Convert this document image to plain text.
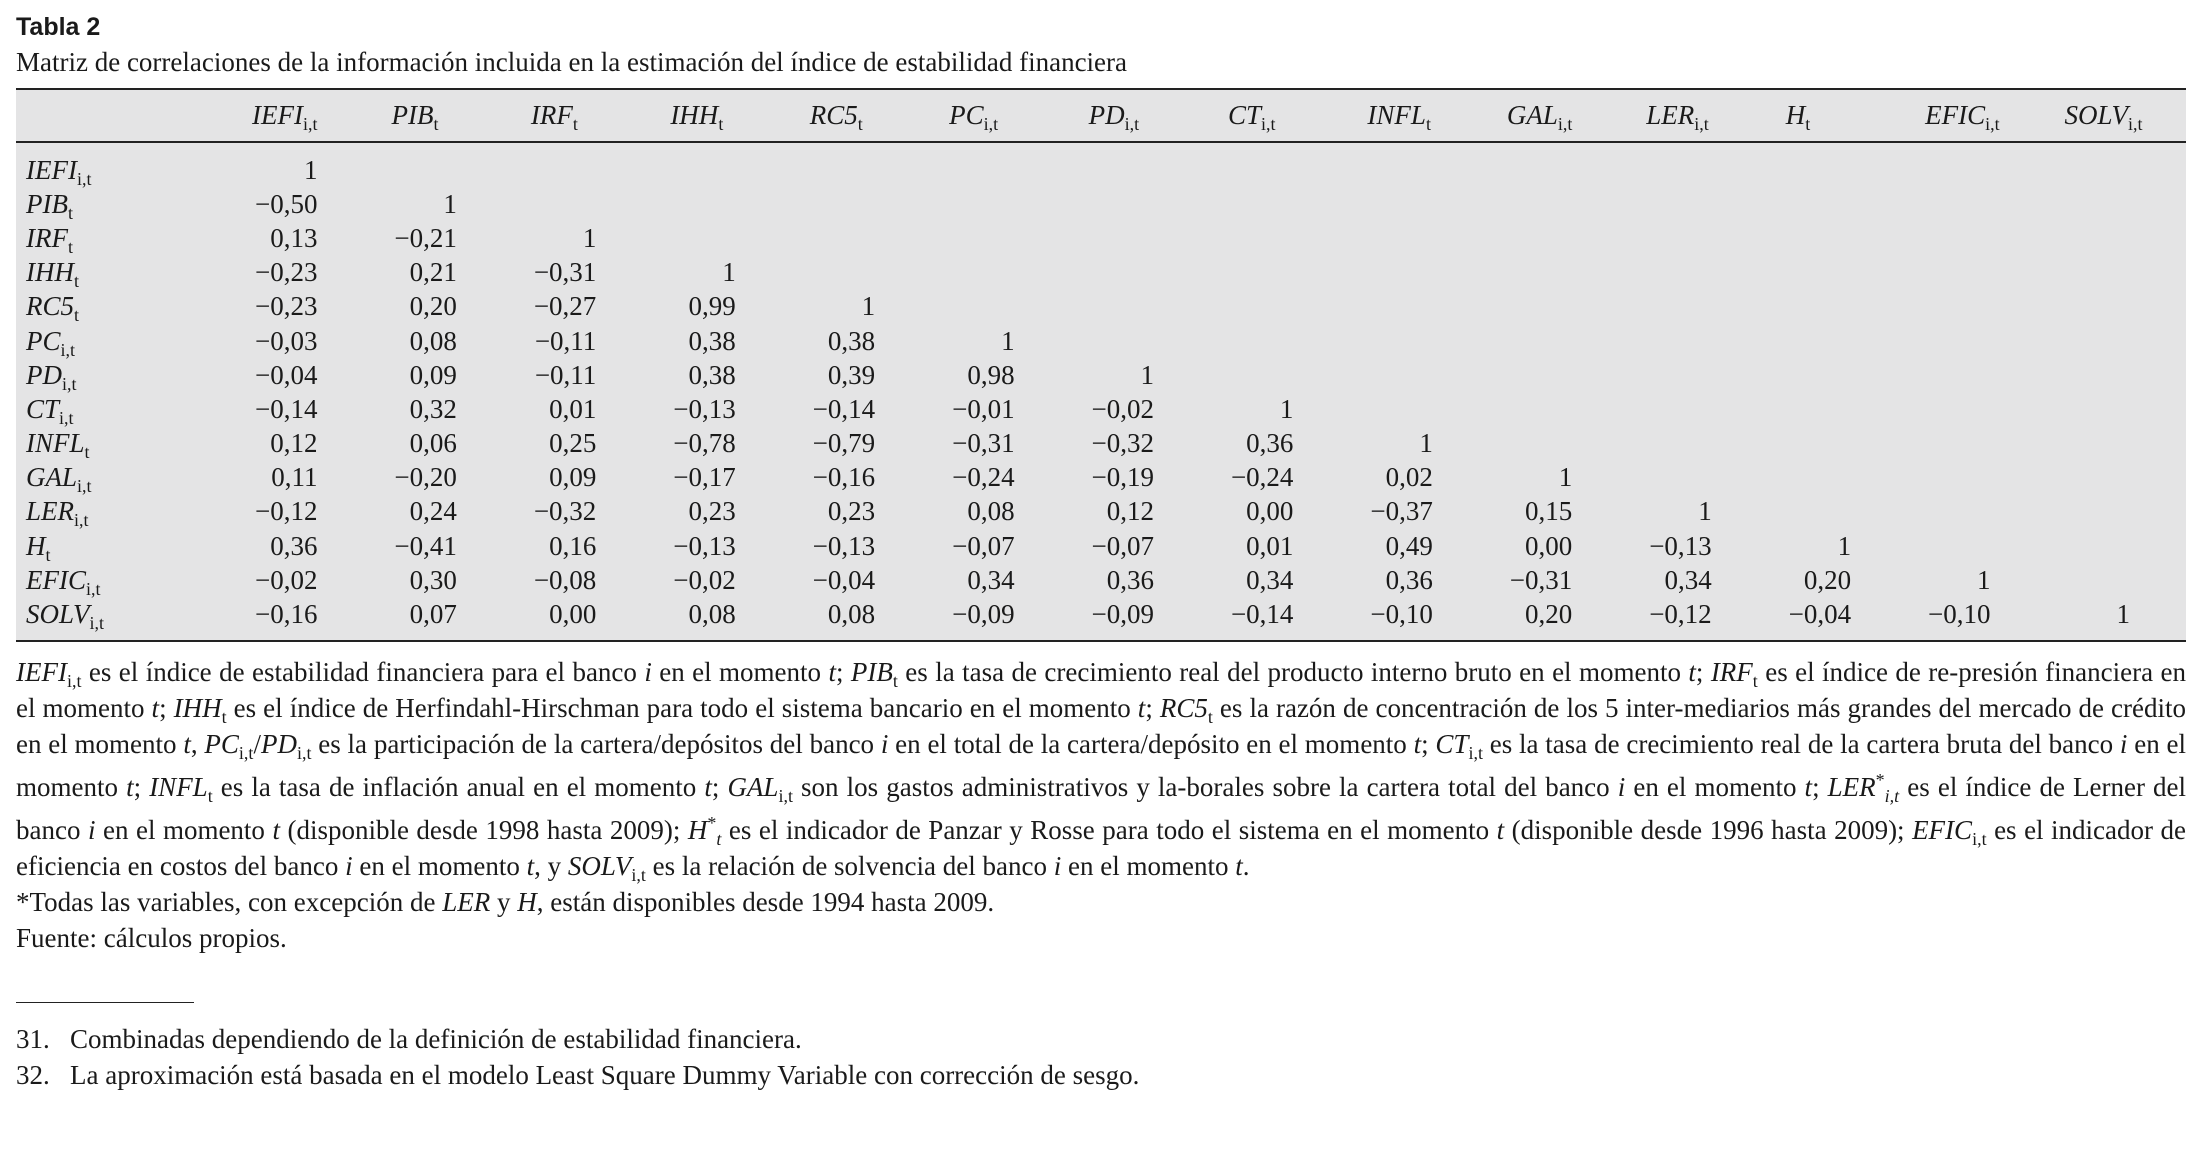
Tabla 2
Matriz de correlaciones de la información incluida en la estimación del índice de estabilidad financiera
	$IEFI_{i,t}$	$PIB_t$	$IRF_t$	$IHH_t$	$RC5_t$	$PC_{i,t}$	$PD_{i,t}$	$CT_{i,t}$	$INFL_t$	$GAL_{i,t}$	$LER_{i,t}$	$H_t$	$EFIC_{i,t}$	$SOLV_{i,t}$
$IEFI_{i,t}$	1													
$PIB_t$	−0,50	1												
$IRF_t$	0,13	−0,21	1											
$IHH_t$	−0,23	0,21	−0,31	1										
$RC5_t$	−0,23	0,20	−0,27	0,99	1									
$PC_{i,t}$	−0,03	0,08	−0,11	0,38	0,38	1								
$PD_{i,t}$	−0,04	0,09	−0,11	0,38	0,39	0,98	1							
$CT_{i,t}$	−0,14	0,32	0,01	−0,13	−0,14	−0,01	−0,02	1						
$INFL_t$	0,12	0,06	0,25	−0,78	−0,79	−0,31	−0,32	0,36	1					
$GAL_{i,t}$	0,11	−0,20	0,09	−0,17	−0,16	−0,24	−0,19	−0,24	0,02	1				
$LER_{i,t}$	−0,12	0,24	−0,32	0,23	0,23	0,08	0,12	0,00	−0,37	0,15	1			
$H_t$	0,36	−0,41	0,16	−0,13	−0,13	−0,07	−0,07	0,01	0,49	0,00	−0,13	1		
$EFIC_{i,t}$	−0,02	0,30	−0,08	−0,02	−0,04	0,34	0,36	0,34	0,36	−0,31	0,34	0,20	1	
$SOLV_{i,t}$	−0,16	0,07	0,00	0,08	0,08	−0,09	−0,09	−0,14	−0,10	0,20	−0,12	−0,04	−0,10	1

$IEFI_{i,t}$ es el índice de estabilidad financiera para el banco i en el momento t; $PIB_t$ es la tasa de crecimiento real del producto interno bruto en el momento t; $IRF_t$ es el índice de re-presión financiera en el momento t; $IHH_t$ es el índice de Herfindahl-Hirschman para todo el sistema bancario en el momento t; $RC5_t$ es la razón de concentración de los 5 inter-mediarios más grandes del mercado de crédito en el momento t, $PC_{i,t}/PD_{i,t}$ es la participación de la cartera/depósitos del banco i en el total de la cartera/depósito en el momento t; $CT_{i,t}$ es la tasa de crecimiento real de la cartera bruta del banco i en el momento t; $INFL_t$ es la tasa de inflación anual en el momento t; $GAL_{i,t}$ son los gastos administrativos y la-borales sobre la cartera total del banco i en el momento t; $LER^*_{i,t}$ es el índice de Lerner del banco i en el momento t (disponible desde 1998 hasta 2009); $H^*_t$ es el indicador de Panzar y Rosse para todo el sistema en el momento t (disponible desde 1996 hasta 2009); $EFIC_{i,t}$ es el indicador de eficiencia en costos del banco i en el momento t, y $SOLV_{i,t}$ es la relación de solvencia del banco i en el momento t.

*Todas las variables, con excepción de LER y H, están disponibles desde 1994 hasta 2009.

Fuente: cálculos propios.

31. Combinadas dependiendo de la definición de estabilidad financiera.

32. La aproximación está basada en el modelo Least Square Dummy Variable con corrección de sesgo.
